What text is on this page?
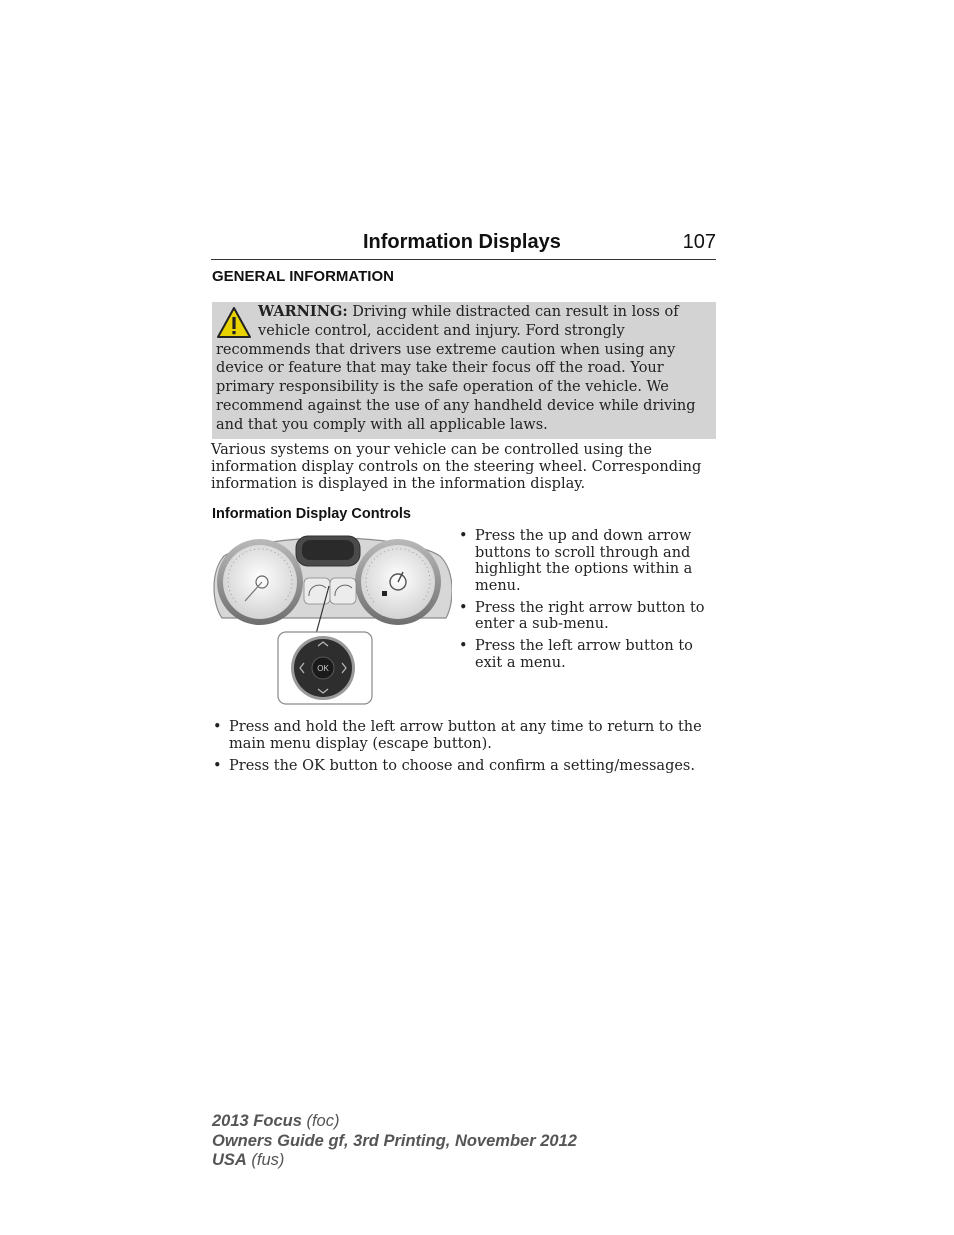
Information Displays	107
GENERAL INFORMATION
WARNING: Driving while distracted can result in loss of vehicle control, accident and injury. Ford strongly recommends that drivers use extreme caution when using any device or feature that may take their focus off the road. Your primary responsibility is the safe operation of the vehicle. We recommend against the use of any handheld device while driving and that you comply with all applicable laws.

Various systems on your vehicle can be controlled using the information display controls on the steering wheel. Corresponding information is displayed in the information display.

Information Display Controls
OK
• Press the up and down arrow buttons to scroll through and highlight the options within a menu.
• Press the right arrow button to enter a sub-menu.
• Press the left arrow button to exit a menu.
• Press and hold the left arrow button at any time to return to the main menu display (escape button).
• Press the OK button to choose and confirm a setting/messages.
2013 Focus (foc)
Owners Guide gf, 3rd Printing, November 2012
USA (fus)
